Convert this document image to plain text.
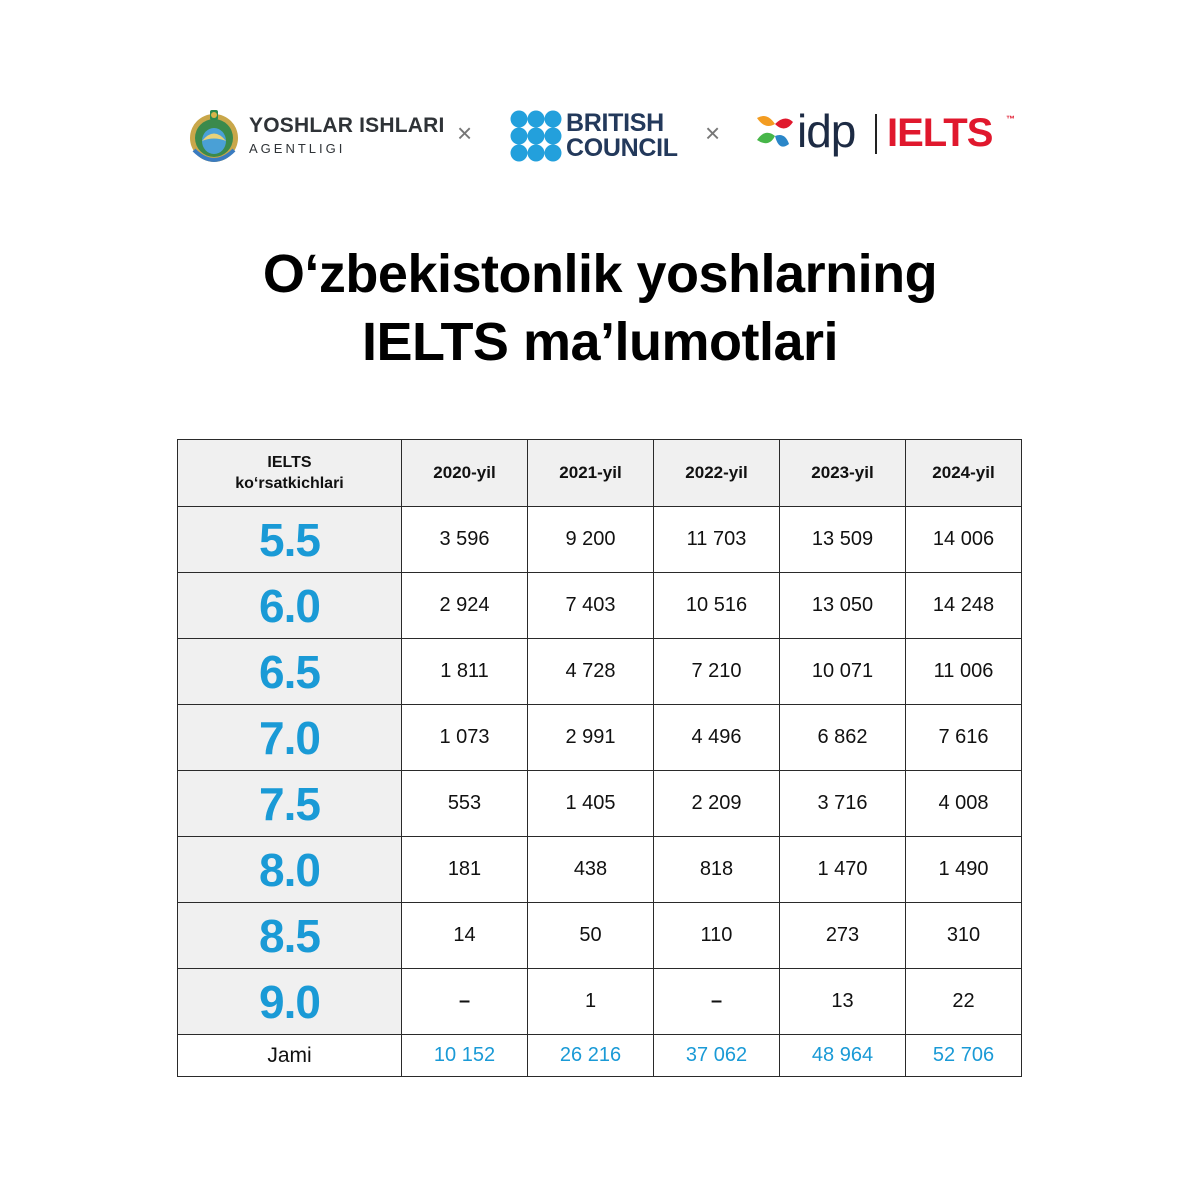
YOSHLAR ISHLARI
AGENTLIGI
×	BRITISH
COUNCIL × idp IELTS ™
O‘zbekistonlik yoshlarning
IELTS ma’lumotlari
IELTS
ko‘rsatkichlari	2020-yil	2021-yil	2022-yil	2023-yil	2024-yil
5.5	3 596	9 200	11 703	13 509	14 006
6.0	2 924	7 403	10 516	13 050	14 248
6.5	1 811	4 728	7 210	10 071	11 006
7.0	1 073	2 991	4 496	6 862	7 616
7.5	553	1 405	2 209	3 716	4 008
8.0	181	438	818	1 470	1 490
8.5	14	50	110	273	310
9.0	–	1	–	13	22
Jami	10 152	26 216	37 062	48 964	52 706
